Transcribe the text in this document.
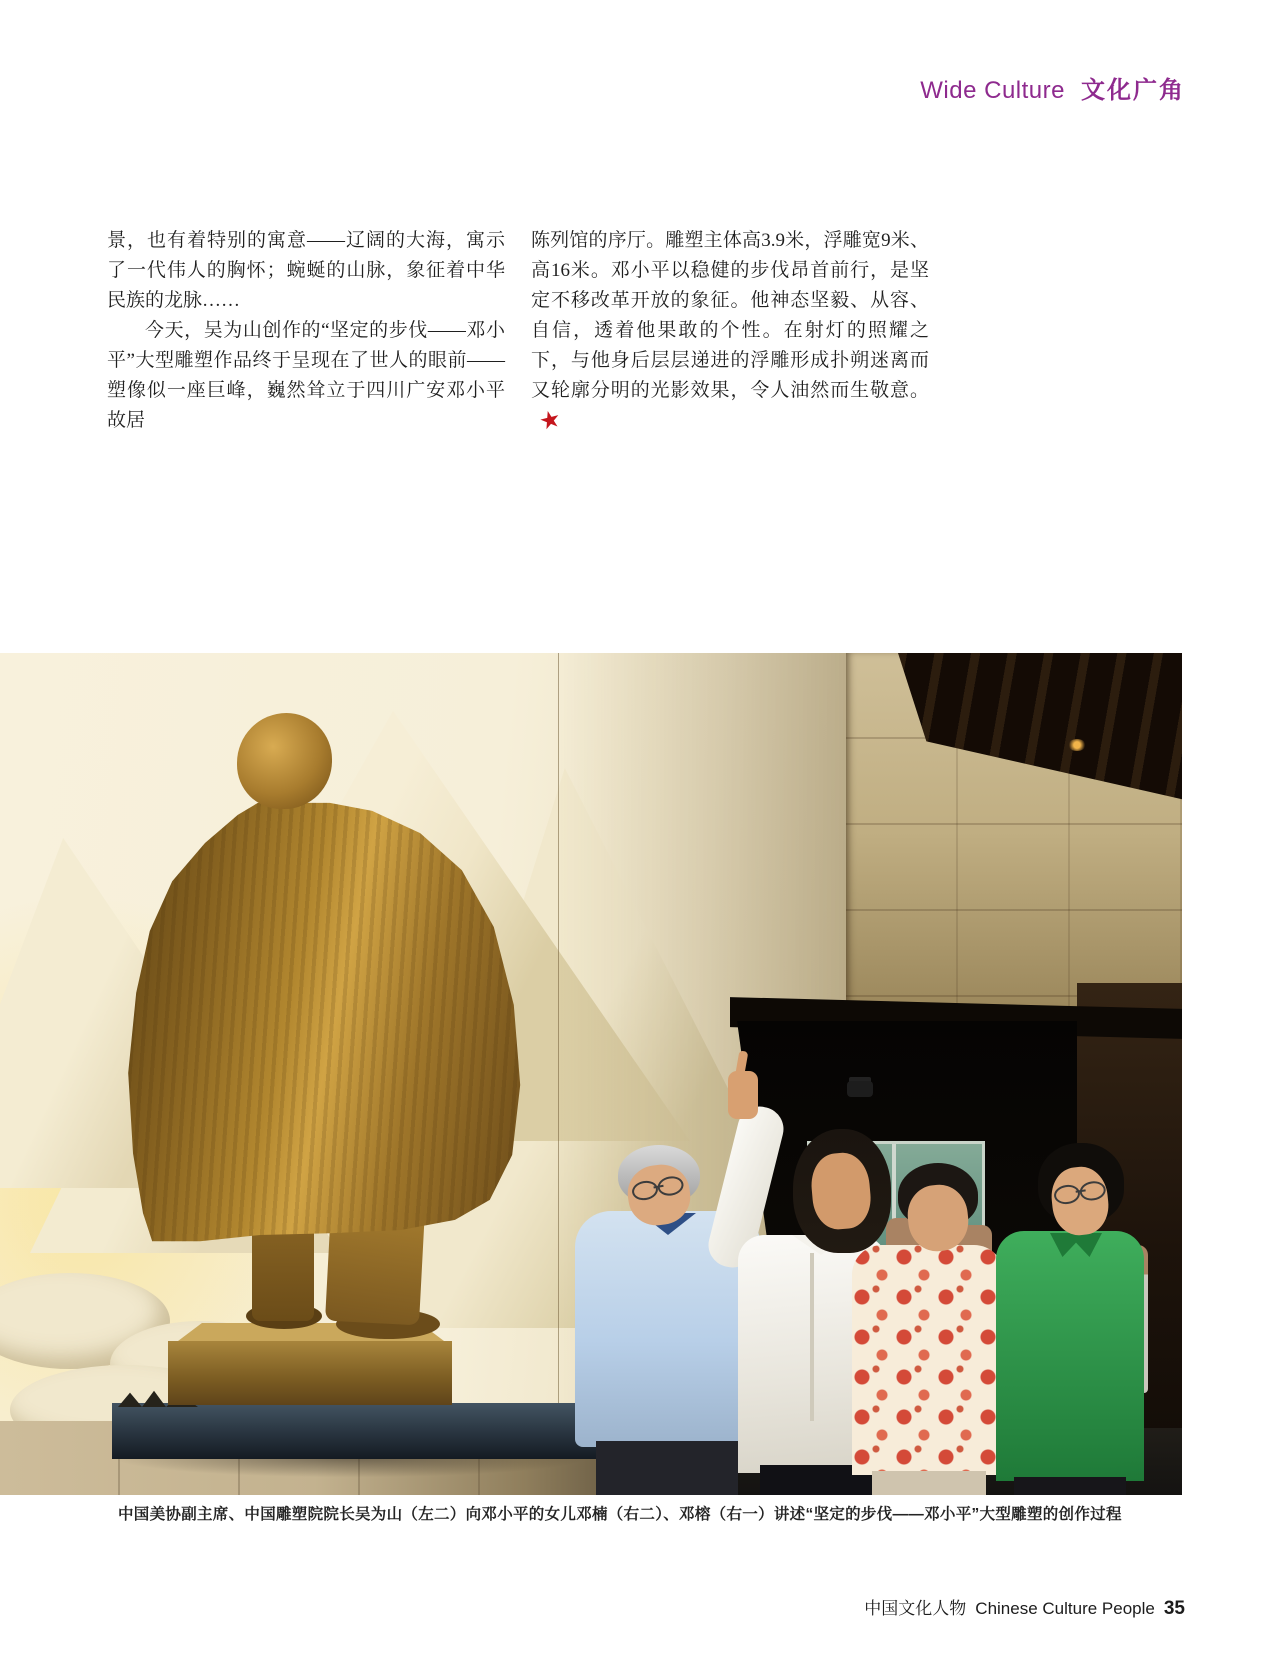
Wide Culture 文化广角

景，也有着特别的寓意——辽阔的大海，寓示了一代伟人的胸怀；蜿蜒的山脉，象征着中华民族的龙脉……

今天，吴为山创作的“坚定的步伐——邓小平”大型雕塑作品终于呈现在了世人的眼前——塑像似一座巨峰，巍然耸立于四川广安邓小平故居

陈列馆的序厅。雕塑主体高3.9米，浮雕宽9米、高16米。邓小平以稳健的步伐昂首前行，是坚定不移改革开放的象征。他神态坚毅、从容、自信，透着他果敢的个性。在射灯的照耀之下，与他身后层层递进的浮雕形成扑朔迷离而又轮廓分明的光影效果，令人油然而生敬意。★

中国美协副主席、中国雕塑院院长吴为山（左二）向邓小平的女儿邓楠（右二）、邓榕（右一）讲述“坚定的步伐——邓小平”大型雕塑的创作过程
中国文化人物 Chinese Culture People 35
